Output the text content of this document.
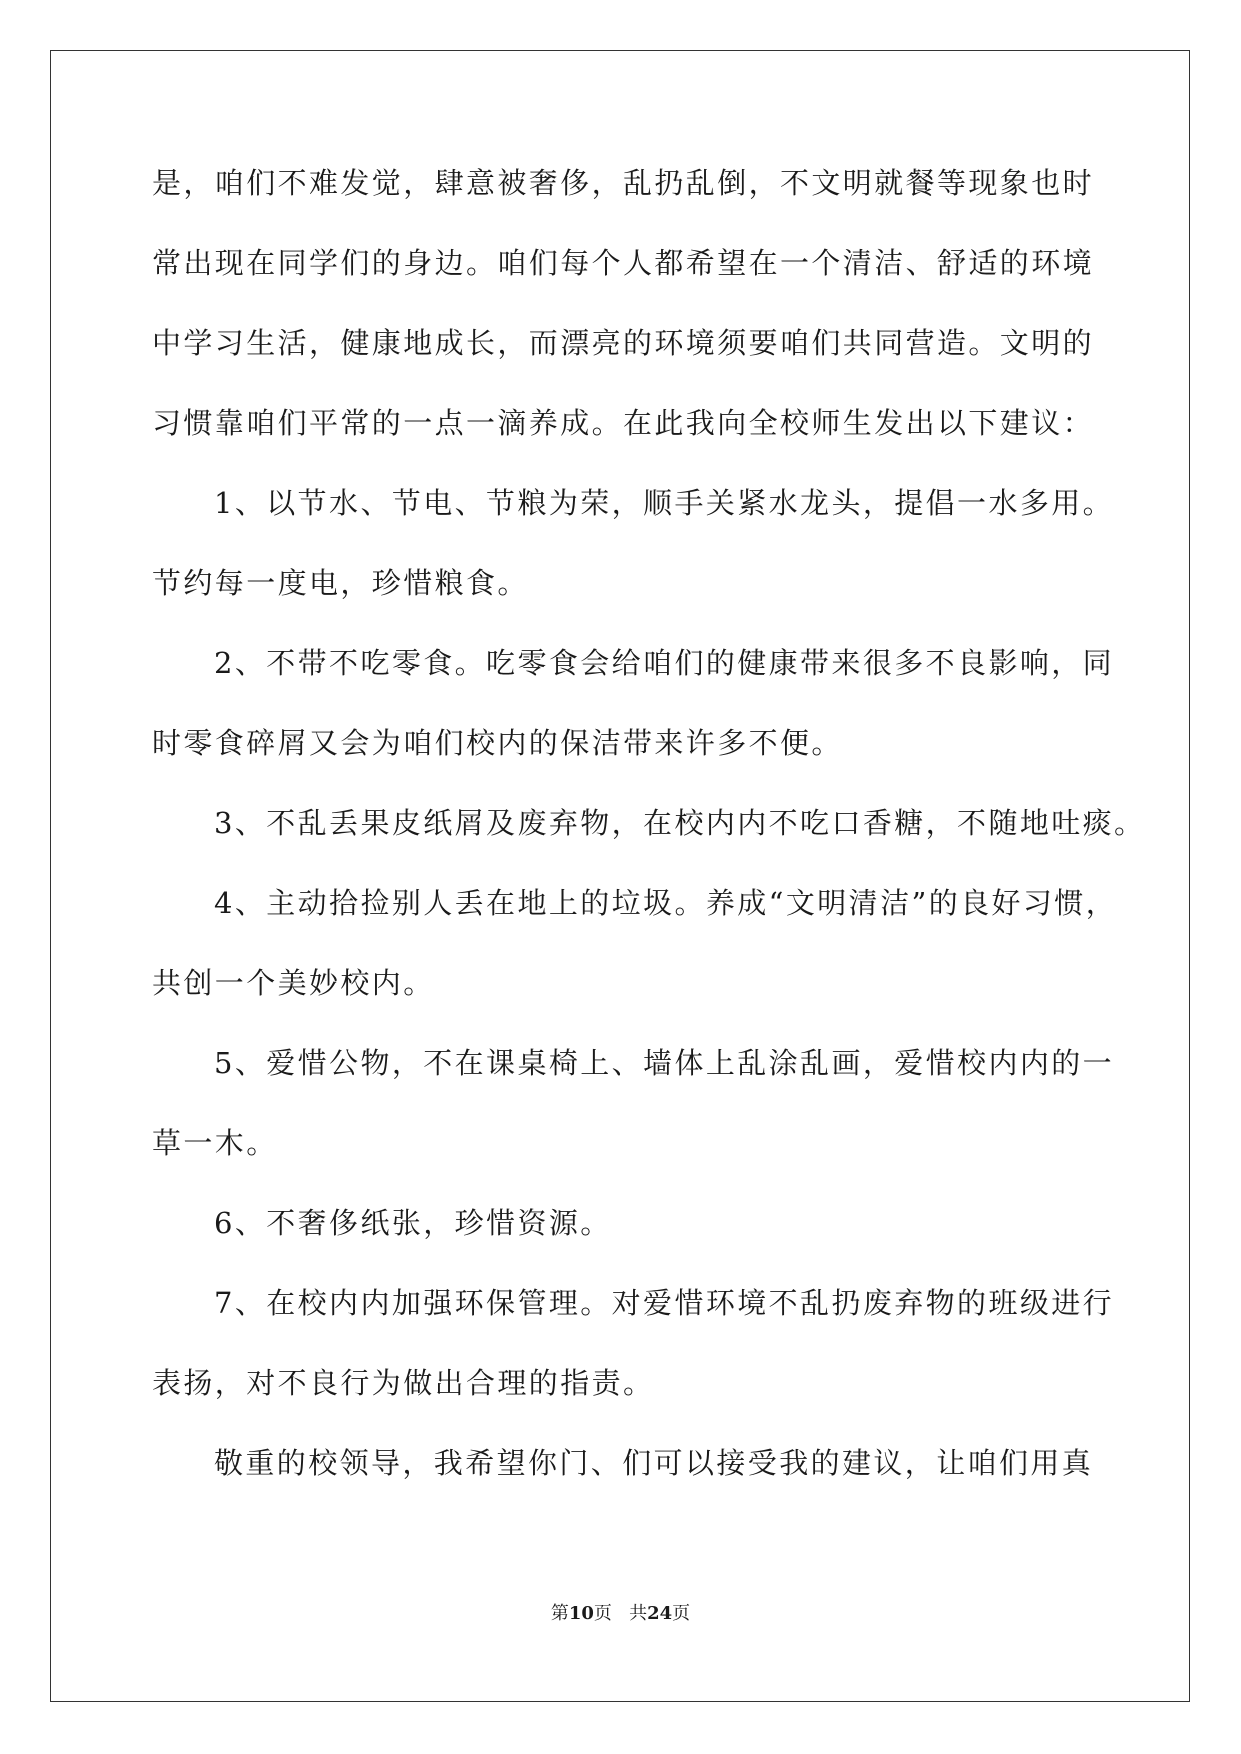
是，咱们不难发觉，肆意被奢侈，乱扔乱倒，不文明就餐等现象也时
常出现在同学们的身边。咱们每个人都希望在一个清洁、舒适的环境
中学习生活，健康地成长，而漂亮的环境须要咱们共同营造。文明的
习惯靠咱们平常的一点一滴养成。在此我向全校师生发出以下建议：
1、以节水、节电、节粮为荣，顺手关紧水龙头，提倡一水多用。
节约每一度电，珍惜粮食。
2、不带不吃零食。吃零食会给咱们的健康带来很多不良影响，同
时零食碎屑又会为咱们校内的保洁带来许多不便。
3、不乱丢果皮纸屑及废弃物，在校内内不吃口香糖，不随地吐痰。
4、主动拾捡别人丢在地上的垃圾。养成“文明清洁”的良好习惯，
共创一个美妙校内。
5、爱惜公物，不在课桌椅上、墙体上乱涂乱画，爱惜校内内的一
草一木。
6、不奢侈纸张，珍惜资源。
7、在校内内加强环保管理。对爱惜环境不乱扔废弃物的班级进行
表扬，对不良行为做出合理的指责。
敬重的校领导，我希望你门、们可以接受我的建议，让咱们用真
第10页 共24页
